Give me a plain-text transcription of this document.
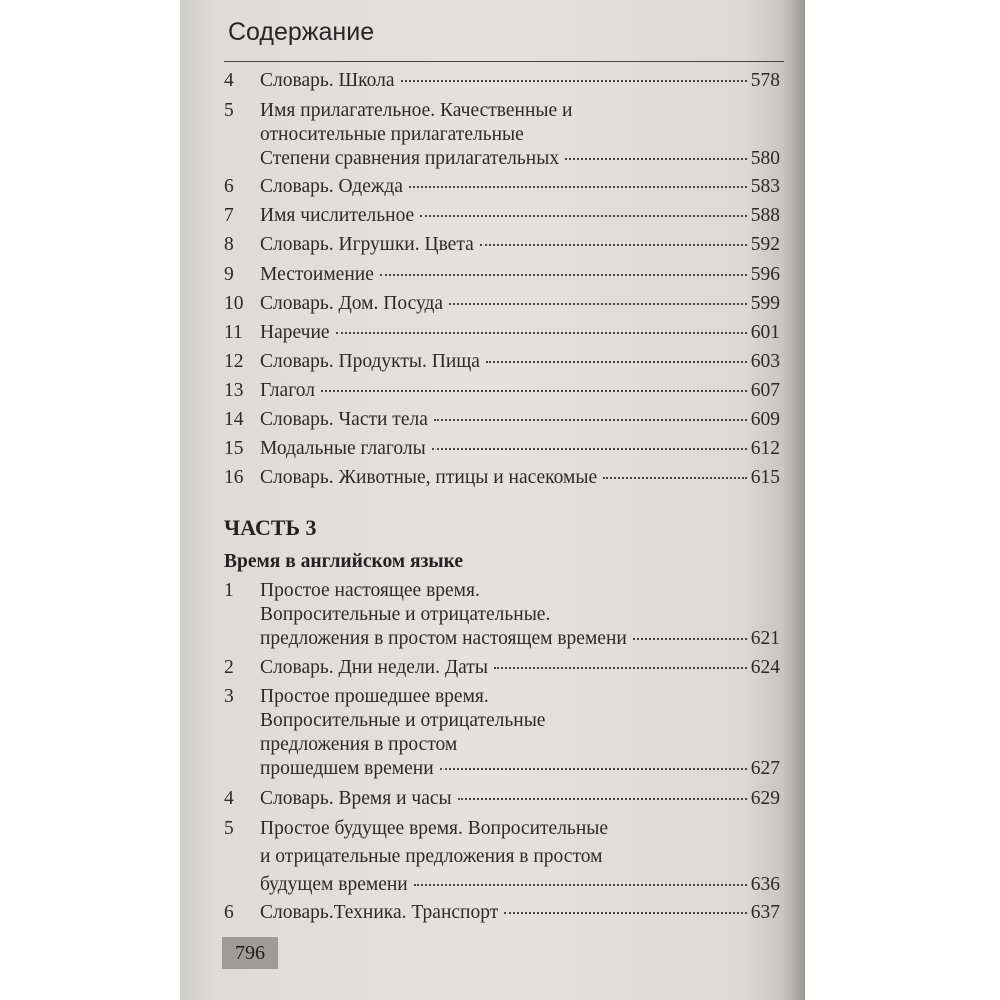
Содержание
4 Словарь. Школа	578
5 Имя прилагательное. Качественные и
относительные прилагательные
Степени сравнения прилагательных	580
6 Словарь. Одежда	583
7 Имя числительное	588
8 Словарь. Игрушки. Цвета	592
9 Местоимение	596
10 Словарь. Дом. Посуда	599
11 Наречие	601
12 Словарь. Продукты. Пища	603
13 Глагол	607
14 Словарь. Части тела	609
15 Модальные глаголы	612
16 Словарь. Животные, птицы и насекомые	615
1 Простое настоящее время.
Вопросительные и отрицательные.
предложения в простом настоящем времени	621
2 Словарь. Дни недели. Даты	624
3 Простое прошедшее время.
Вопросительные и отрицательные
предложения в простом
прошедшем времени	627
4 Словарь. Время и часы	629
5 Простое будущее время. Вопросительные
и отрицательные предложения в простом
будущем времени	636
6 Словарь.Техника. Транспорт	637
ЧАСТЬ 3
Время в английском языке
796
